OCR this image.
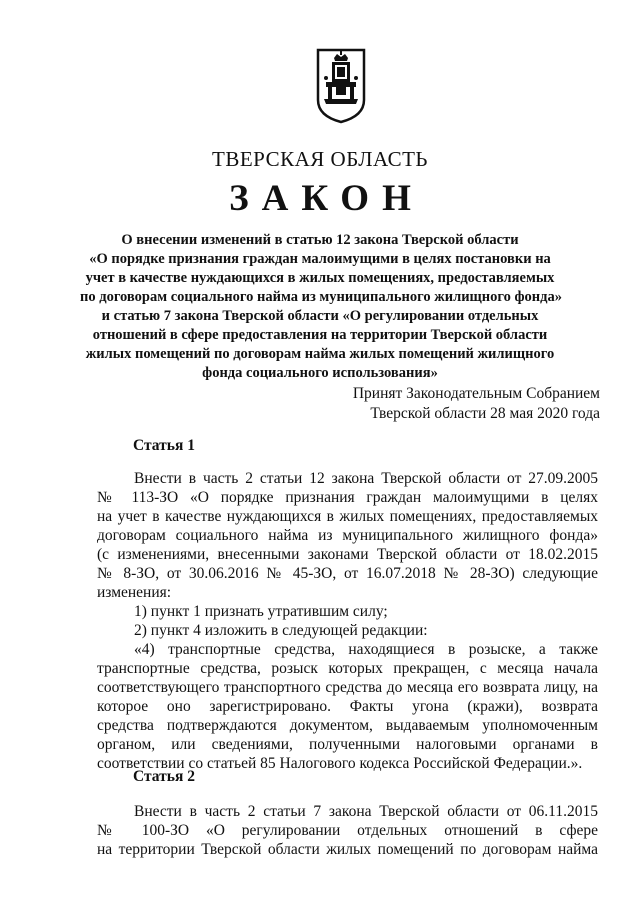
ТВЕРСКАЯ ОБЛАСТЬ
ЗАКОН
О внесении изменений в статью 12 закона Тверской области
«О порядке признания граждан малоимущими в целях постановки на
учет в качестве нуждающихся в жилых помещениях, предоставляемых
по договорам социального найма из муниципального жилищного фонда»
и статью 7 закона Тверской области «О регулировании отдельных
отношений в сфере предоставления на территории Тверской области
жилых помещений по договорам найма жилых помещений жилищного
фонда социального использования»
Принят Законодательным Собранием
Тверской области 28 мая 2020 года
Статья 1
Внести в часть 2 статьи 12 закона Тверской области от 27.09.2005
№ 113-ЗО «О порядке признания граждан малоимущими в целях
на учет в качестве нуждающихся в жилых помещениях, предоставляемых
договорам социального найма из муниципального жилищного фонда»
(с изменениями, внесенными законами Тверской области от 18.02.2015
№ 8-ЗО, от 30.06.2016 № 45-ЗО, от 16.07.2018 № 28-ЗО) следующие
изменения:
1) пункт 1 признать утратившим силу;
2) пункт 4 изложить в следующей редакции:
«4) транспортные средства, находящиеся в розыске, а также
транспортные средства, розыск которых прекращен, с месяца начала
соответствующего транспортного средства до месяца его возврата лицу, на
которое оно зарегистрировано. Факты угона (кражи), возврата
средства подтверждаются документом, выдаваемым уполномоченным
органом, или сведениями, полученными налоговыми органами в
соответствии со статьей 85 Налогового кодекса Российской Федерации.».
Статья 2
Внести в часть 2 статьи 7 закона Тверской области от 06.11.2015
№ 100-ЗО «О регулировании отдельных отношений в сфере
на территории Тверской области жилых помещений по договорам найма
